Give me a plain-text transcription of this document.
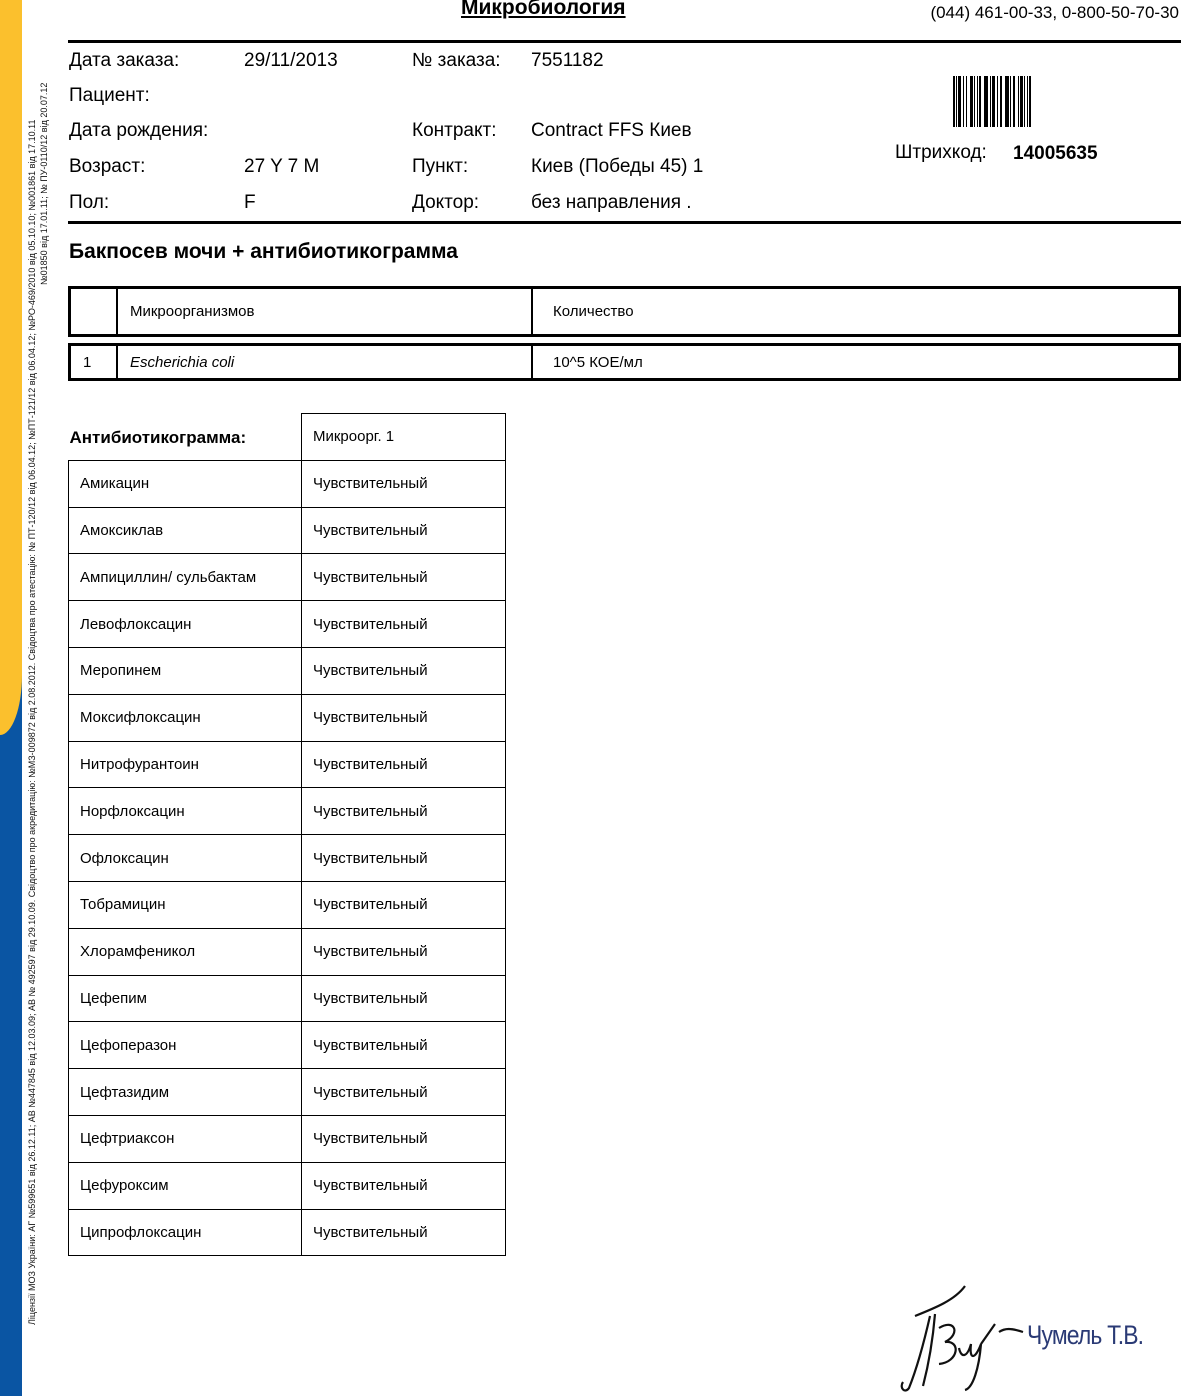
Ліцензії МОЗ України: АГ №599651 від 26.12.11; АВ №447845 від 12.03.09; АВ № 492597 від 29.10.09. Свідоцтво про акредитацію: №МЗ-009872 від 2.08.2012. Свідоцтва про атестацію: № ПТ-120/12 від 06.04.12; №ПТ-121/12 від 06.04.12; №РО-469/2010 від 05.10.10; №001861 від 17.10.11 №01850 від 17.01.11; № ПУ-0110/12 від 20.07.12
Микробиология	(044) 461-00-33, 0-800-50-70-30
Дата заказа:	29/11/2013	№ заказа: 7551182
Пациент:
Дата рождения:	Контракт: Contract FFS Киев
Возраст:	27 Y 7 M	Пункт:	Киев (Победы 45) 1
Пол:	F	Доктор:	без направления .
Штрихкод: 14005635
Бакпосев мочи + антибиотикограмма
Микроорганизмов	Количество
1	Escherichia coli	10^5 КОЕ/мл
Антибиотикограмма:	Микроорг. 1
Амикацин	Чувствительный
Амоксиклав	Чувствительный
Ампициллин/ сульбактам	Чувствительный
Левофлоксацин	Чувствительный
Меропинем	Чувствительный
Моксифлоксацин	Чувствительный
Нитрофурантоин	Чувствительный
Норфлоксацин	Чувствительный
Офлоксацин	Чувствительный
Тобрамицин	Чувствительный
Хлорамфеникол	Чувствительный
Цефепим	Чувствительный
Цефоперазон	Чувствительный
Цефтазидим	Чувствительный
Цефтриаксон	Чувствительный
Цефуроксим	Чувствительный
Ципрофлоксацин	Чувствительный
Чумель Т.В.
